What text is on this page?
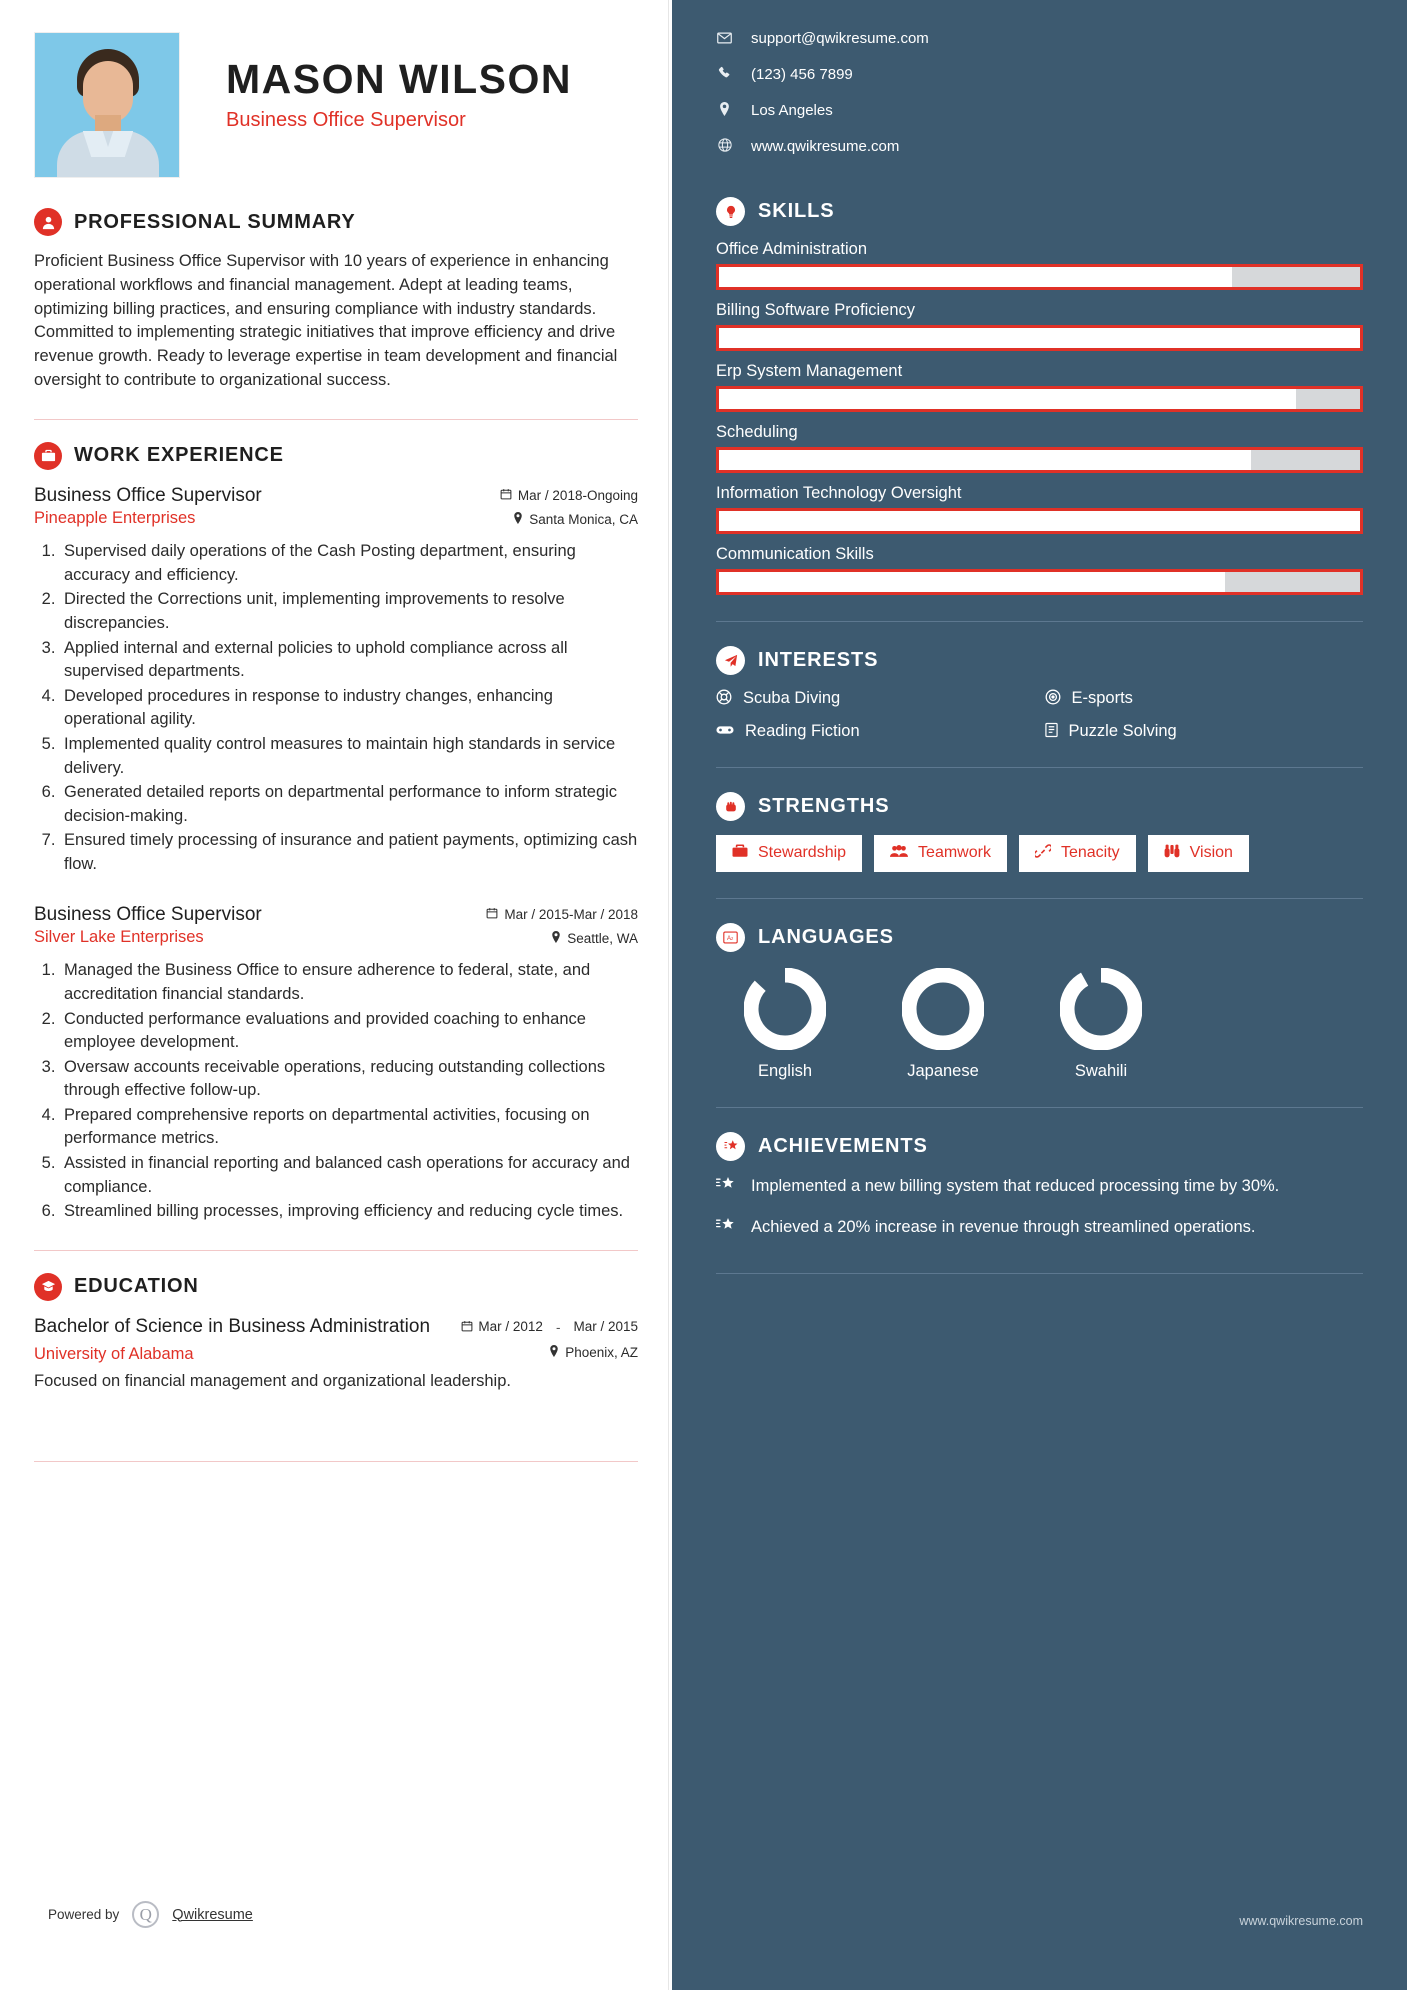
MASON WILSON
Business Office Supervisor
PROFESSIONAL SUMMARY
Proficient Business Office Supervisor with 10 years of experience in enhancing operational workflows and financial management. Adept at leading teams, optimizing billing practices, and ensuring compliance with industry standards. Committed to implementing strategic initiatives that improve efficiency and drive revenue growth. Ready to leverage expertise in team development and financial oversight to contribute to organizational success.
WORK EXPERIENCE
Business Office Supervisor
Pineapple Enterprises
Mar / 2018-Ongoing
Santa Monica, CA
1. Supervised daily operations of the Cash Posting department, ensuring accuracy and efficiency.
2. Directed the Corrections unit, implementing improvements to resolve discrepancies.
3. Applied internal and external policies to uphold compliance across all supervised departments.
4. Developed procedures in response to industry changes, enhancing operational agility.
5. Implemented quality control measures to maintain high standards in service delivery.
6. Generated detailed reports on departmental performance to inform strategic decision-making.
7. Ensured timely processing of insurance and patient payments, optimizing cash flow.
Business Office Supervisor
Silver Lake Enterprises
Mar / 2015-Mar / 2018
Seattle, WA
1. Managed the Business Office to ensure adherence to federal, state, and accreditation financial standards.
2. Conducted performance evaluations and provided coaching to enhance employee development.
3. Oversaw accounts receivable operations, reducing outstanding collections through effective follow-up.
4. Prepared comprehensive reports on departmental activities, focusing on performance metrics.
5. Assisted in financial reporting and balanced cash operations for accuracy and compliance.
6. Streamlined billing processes, improving efficiency and reducing cycle times.
EDUCATION
Bachelor of Science in Business Administration
University of Alabama
Mar / 2012 - Mar / 2015
Phoenix, AZ
Focused on financial management and organizational leadership.
Powered by	Q	Qwikresume
support@qwikresume.com
(123) 456 7899
Los Angeles
www.qwikresume.com
SKILLS
Office Administration
Billing Software Proficiency
Erp System Management
Scheduling
Information Technology Oversight
Communication Skills
INTERESTS
Scuba Diving	E-sports
Reading Fiction	Puzzle Solving
STRENGTHS
Stewardship	Teamwork	Tenacity	Vision
A z LANGUAGES
English	Japanese	Swahili
ACHIEVEMENTS
Implemented a new billing system that reduced processing time by 30%.
Achieved a 20% increase in revenue through streamlined operations.
www.qwikresume.com
